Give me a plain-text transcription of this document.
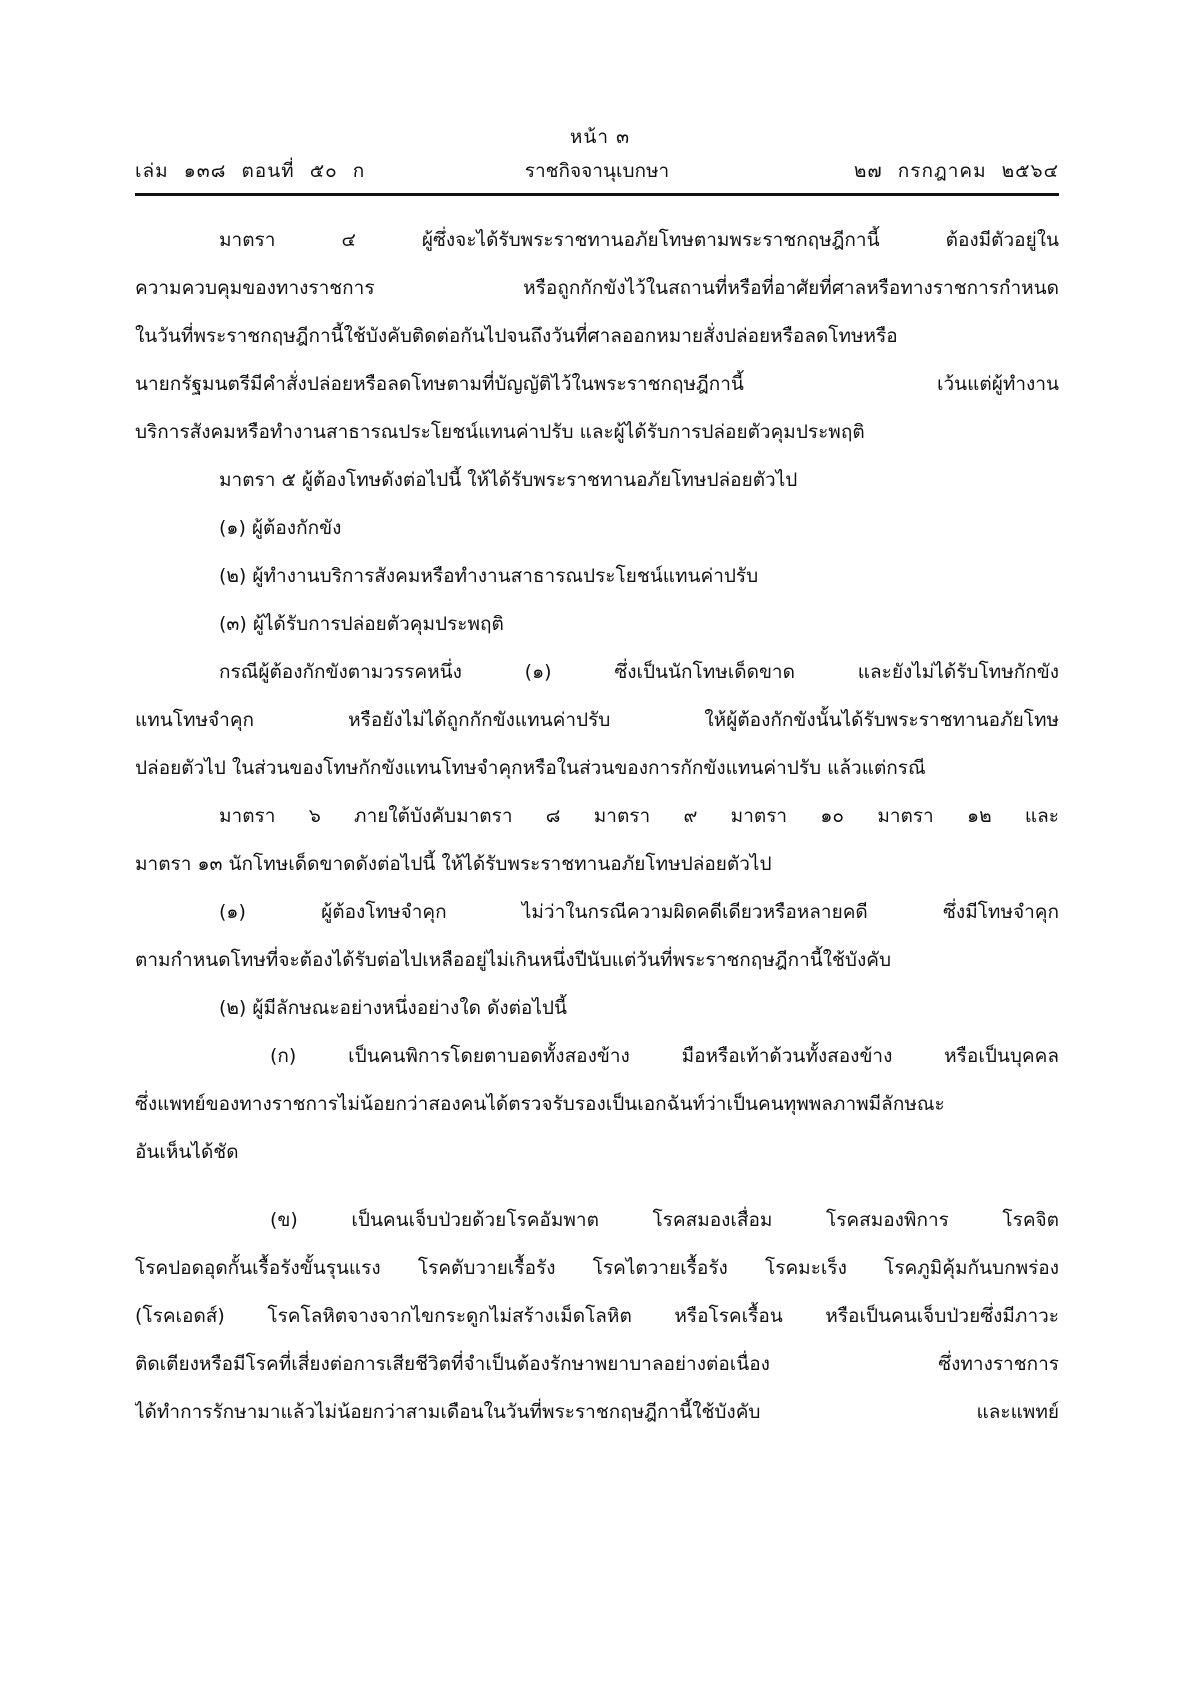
หน้า ๓
เล่ม ๑๓๘ ตอนที่ ๕๐ ก	ราชกิจจานุเบกษา	๒๗ กรกฎาคม ๒๕๖๔
มาตรา ๔ ผู้ซึ่งจะได้รับพระราชทานอภัยโทษตามพระราชกฤษฎีกานี้ ต้องมีตัวอยู่ใน
ความควบคุมของทางราชการ หรือถูกกักขังไว้ในสถานที่หรือที่อาศัยที่ศาลหรือทางราชการกำหนด
ในวันที่พระราชกฤษฎีกานี้ใช้บังคับติดต่อกันไปจนถึงวันที่ศาลออกหมายสั่งปล่อยหรือลดโทษหรือ
นายกรัฐมนตรีมีคำสั่งปล่อยหรือลดโทษตามที่บัญญัติไว้ในพระราชกฤษฎีกานี้ เว้นแต่ผู้ทำงาน
บริการสังคมหรือทำงานสาธารณประโยชน์แทนค่าปรับ และผู้ได้รับการปล่อยตัวคุมประพฤติ
มาตรา ๕ ผู้ต้องโทษดังต่อไปนี้ ให้ได้รับพระราชทานอภัยโทษปล่อยตัวไป
(๑) ผู้ต้องกักขัง
(๒) ผู้ทำงานบริการสังคมหรือทำงานสาธารณประโยชน์แทนค่าปรับ
(๓) ผู้ได้รับการปล่อยตัวคุมประพฤติ
กรณีผู้ต้องกักขังตามวรรคหนึ่ง (๑) ซึ่งเป็นนักโทษเด็ดขาด และยังไม่ได้รับโทษกักขัง
แทนโทษจำคุก หรือยังไม่ได้ถูกกักขังแทนค่าปรับ ให้ผู้ต้องกักขังนั้นได้รับพระราชทานอภัยโทษ
ปล่อยตัวไป ในส่วนของโทษกักขังแทนโทษจำคุกหรือในส่วนของการกักขังแทนค่าปรับ แล้วแต่กรณี
มาตรา ๖ ภายใต้บังคับมาตรา ๘ มาตรา ๙ มาตรา ๑๐ มาตรา ๑๒ และ
มาตรา ๑๓ นักโทษเด็ดขาดดังต่อไปนี้ ให้ได้รับพระราชทานอภัยโทษปล่อยตัวไป
(๑) ผู้ต้องโทษจำคุก ไม่ว่าในกรณีความผิดคดีเดียวหรือหลายคดี ซึ่งมีโทษจำคุก
ตามกำหนดโทษที่จะต้องได้รับต่อไปเหลืออยู่ไม่เกินหนึ่งปีนับแต่วันที่พระราชกฤษฎีกานี้ใช้บังคับ
(๒) ผู้มีลักษณะอย่างหนึ่งอย่างใด ดังต่อไปนี้
(ก) เป็นคนพิการโดยตาบอดทั้งสองข้าง มือหรือเท้าด้วนทั้งสองข้าง หรือเป็นบุคคล
ซึ่งแพทย์ของทางราชการไม่น้อยกว่าสองคนได้ตรวจรับรองเป็นเอกฉันท์ว่าเป็นคนทุพพลภาพมีลักษณะ
อันเห็นได้ชัด
(ข) เป็นคนเจ็บป่วยด้วยโรคอัมพาต โรคสมองเสื่อม โรคสมองพิการ โรคจิต
โรคปอดอุดกั้นเรื้อรังขั้นรุนแรง โรคตับวายเรื้อรัง โรคไตวายเรื้อรัง โรคมะเร็ง โรคภูมิคุ้มกันบกพร่อง
(โรคเอดส์) โรคโลหิตจางจากไขกระดูกไม่สร้างเม็ดโลหิต หรือโรคเรื้อน หรือเป็นคนเจ็บป่วยซึ่งมีภาวะ
ติดเตียงหรือมีโรคที่เสี่ยงต่อการเสียชีวิตที่จำเป็นต้องรักษาพยาบาลอย่างต่อเนื่อง ซึ่งทางราชการ
ได้ทำการรักษามาแล้วไม่น้อยกว่าสามเดือนในวันที่พระราชกฤษฎีกานี้ใช้บังคับ และแพทย์
